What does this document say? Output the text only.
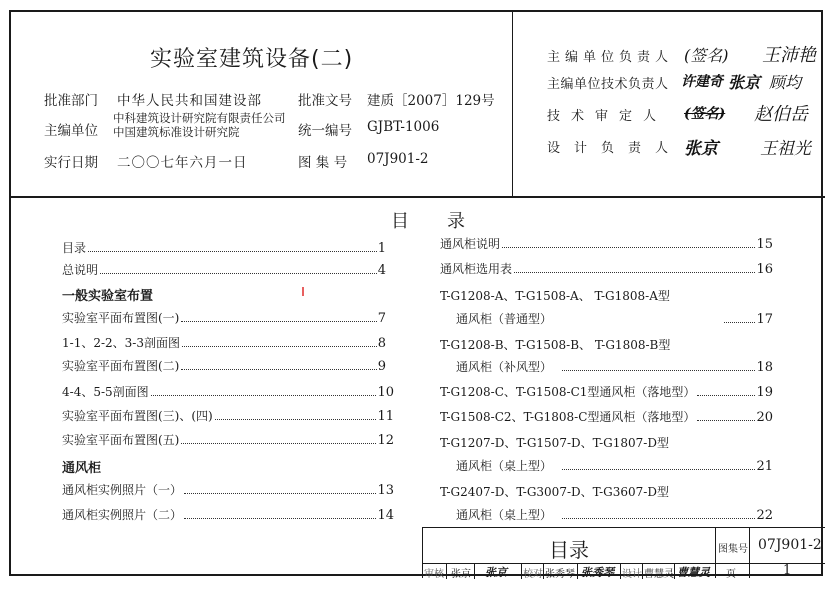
实验室建筑设备(二)
批准部门 中华人民共和国建设部
主编单位
中科建筑设计研究院有限责任公司
中国建筑标准设计研究院
实行日期 二〇〇七年六月一日
批准文号 建质［2007］129号
统一编号 GJBT-1006
图 集 号 07J901-2
主编单位负责人 (签名) 王沛艳
主编单位技术负责人 许建奇 张京 顾均
技术审定人 (签名) 赵伯岳
设计负责人 张京 王祖光
目 录
目录	1
总说明	4
一般实验室布置
实验室平面布置图(一)	7
1-1、2-2、3-3剖面图	8
实验室平面布置图(二)	9
4-4、5-5剖面图	10
实验室平面布置图(三)、(四)	11
实验室平面布置图(五)	12
通风柜
通风柜实例照片（一）	13
通风柜实例照片（二）	14
通风柜说明	15
通风柜选用表	16
T-G1208-A、T-G1508-A、 T-G1808-A型
通风柜（普通型）	17
T-G1208-B、T-G1508-B、 T-G1808-B型
通风柜（补风型）	18
T-G1208-C、T-G1508-C1型通风柜（落地型）	19
T-G1508-C2、T-G1808-C型通风柜（落地型）	20
T-G1207-D、T-G1507-D、T-G1807-D型
通风柜（桌上型）	21
T-G2407-D、T-G3007-D、T-G3607-D型
通风柜（桌上型）	22
目录	图集号 07J901-2
页	1
审核 张京 张京 校对 张秀琴 张秀琴 设计 曹慧灵 曹慧灵
